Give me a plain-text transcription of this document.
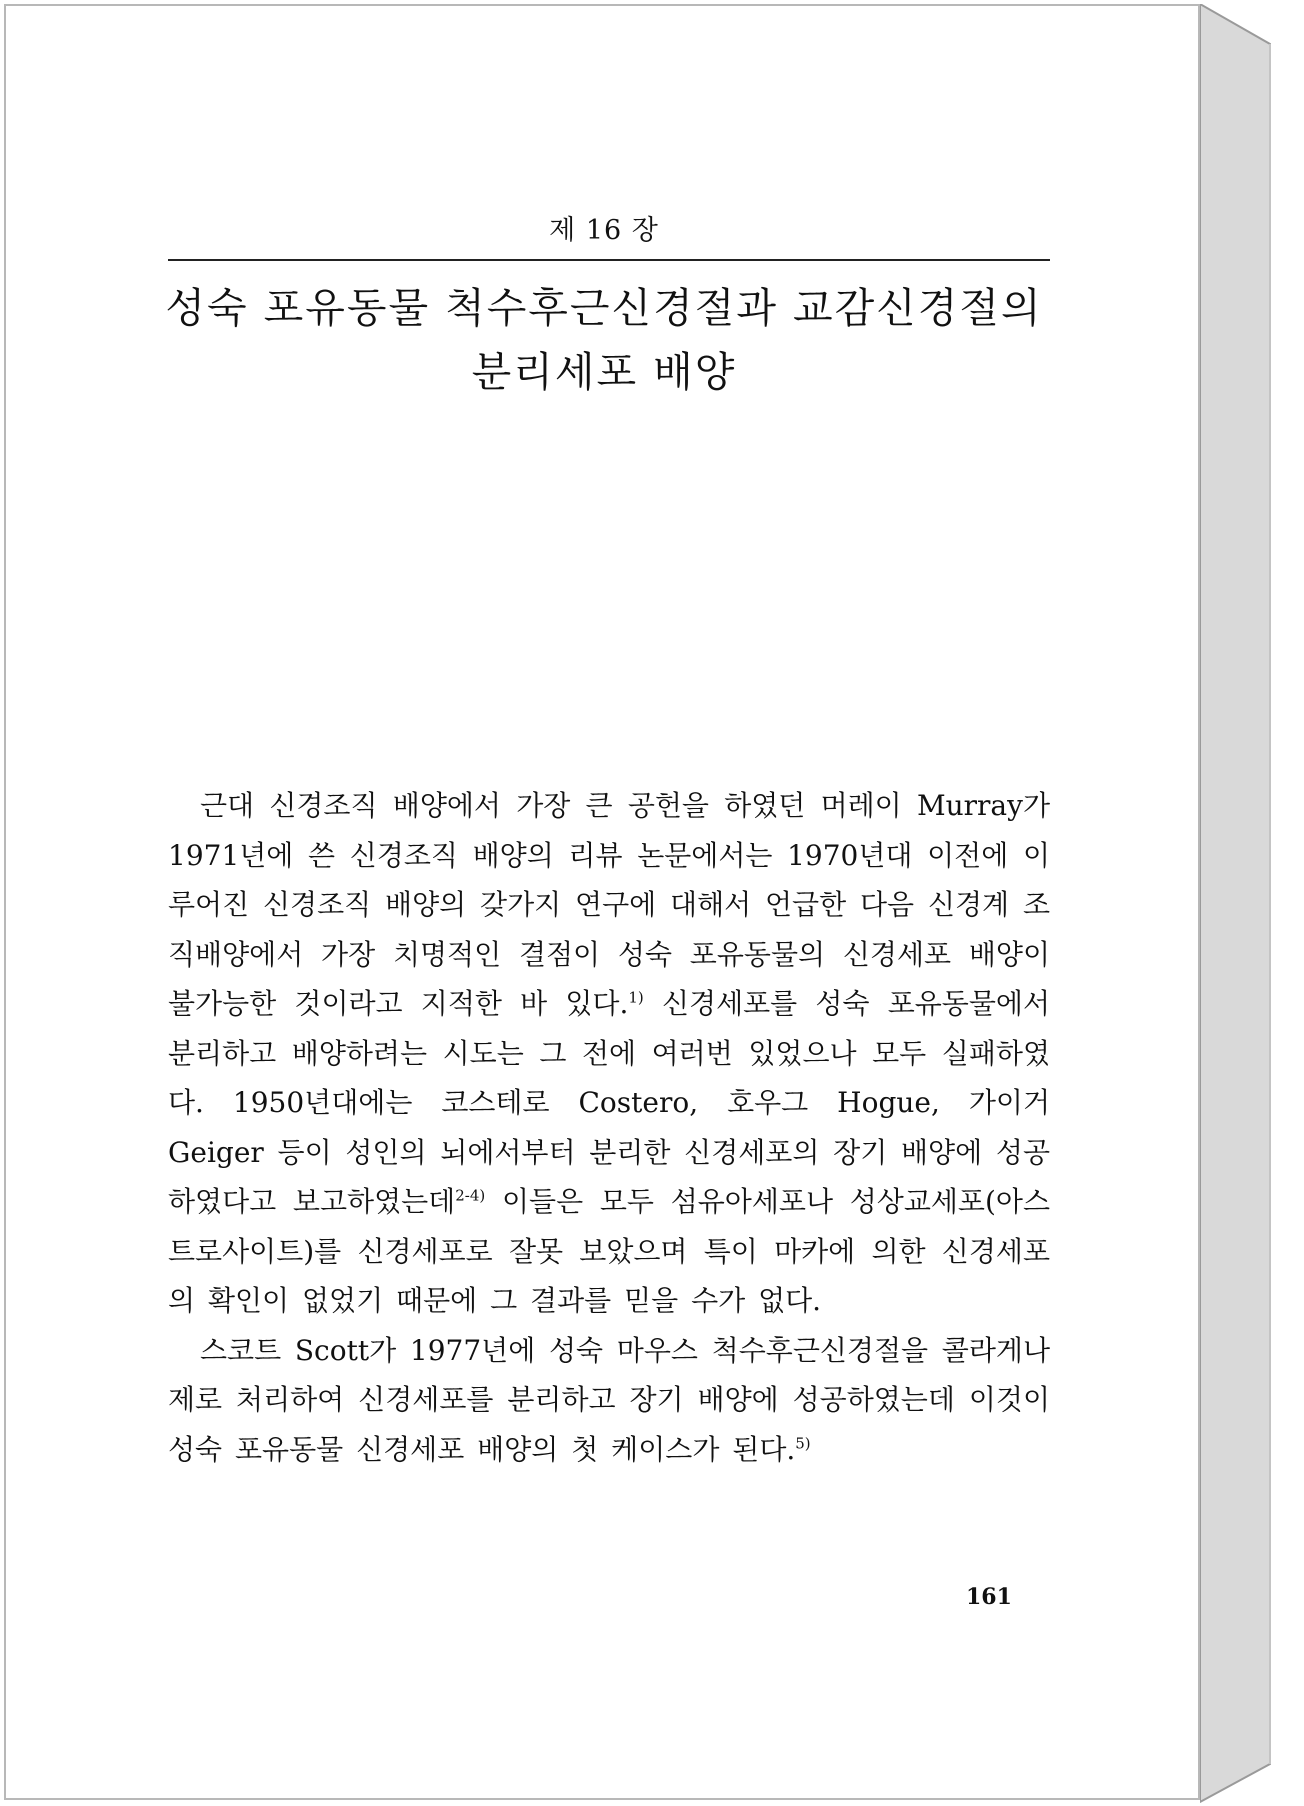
제 16 장
성숙 포유동물 척수후근신경절과 교감신경절의
분리세포 배양

근대 신경조직 배양에서 가장 큰 공헌을 하였던 머레이 Murray가 1971년에 쓴 신경조직 배양의 리뷰 논문에서는 1970년대 이전에 이루어진 신경조직 배양의 갖가지 연구에 대해서 언급한 다음 신경계 조직배양에서 가장 치명적인 결점이 성숙 포유동물의 신경세포 배양이 불가능한 것이라고 지적한 바 있다.$^{1)}$ 신경세포를 성숙 포유동물에서 분리하고 배양하려는 시도는 그 전에 여러번 있었으나 모두 실패하였다. 1950년대에는 코스테로 Costero, 호우그 Hogue, 가이거 Geiger 등이 성인의 뇌에서부터 분리한 신경세포의 장기 배양에 성공하였다고 보고하였는데$^{2-4)}$ 이들은 모두 섬유아세포나 성상교세포(아스트로사이트)를 신경세포로 잘못 보았으며 특이 마카에 의한 신경세포의 확인이 없었기 때문에 그 결과를 믿을 수가 없다.

스코트 Scott가 1977년에 성숙 마우스 척수후근신경절을 콜라게나제로 처리하여 신경세포를 분리하고 장기 배양에 성공하였는데 이것이 성숙 포유동물 신경세포 배양의 첫 케이스가 된다.$^{5)}$

161
